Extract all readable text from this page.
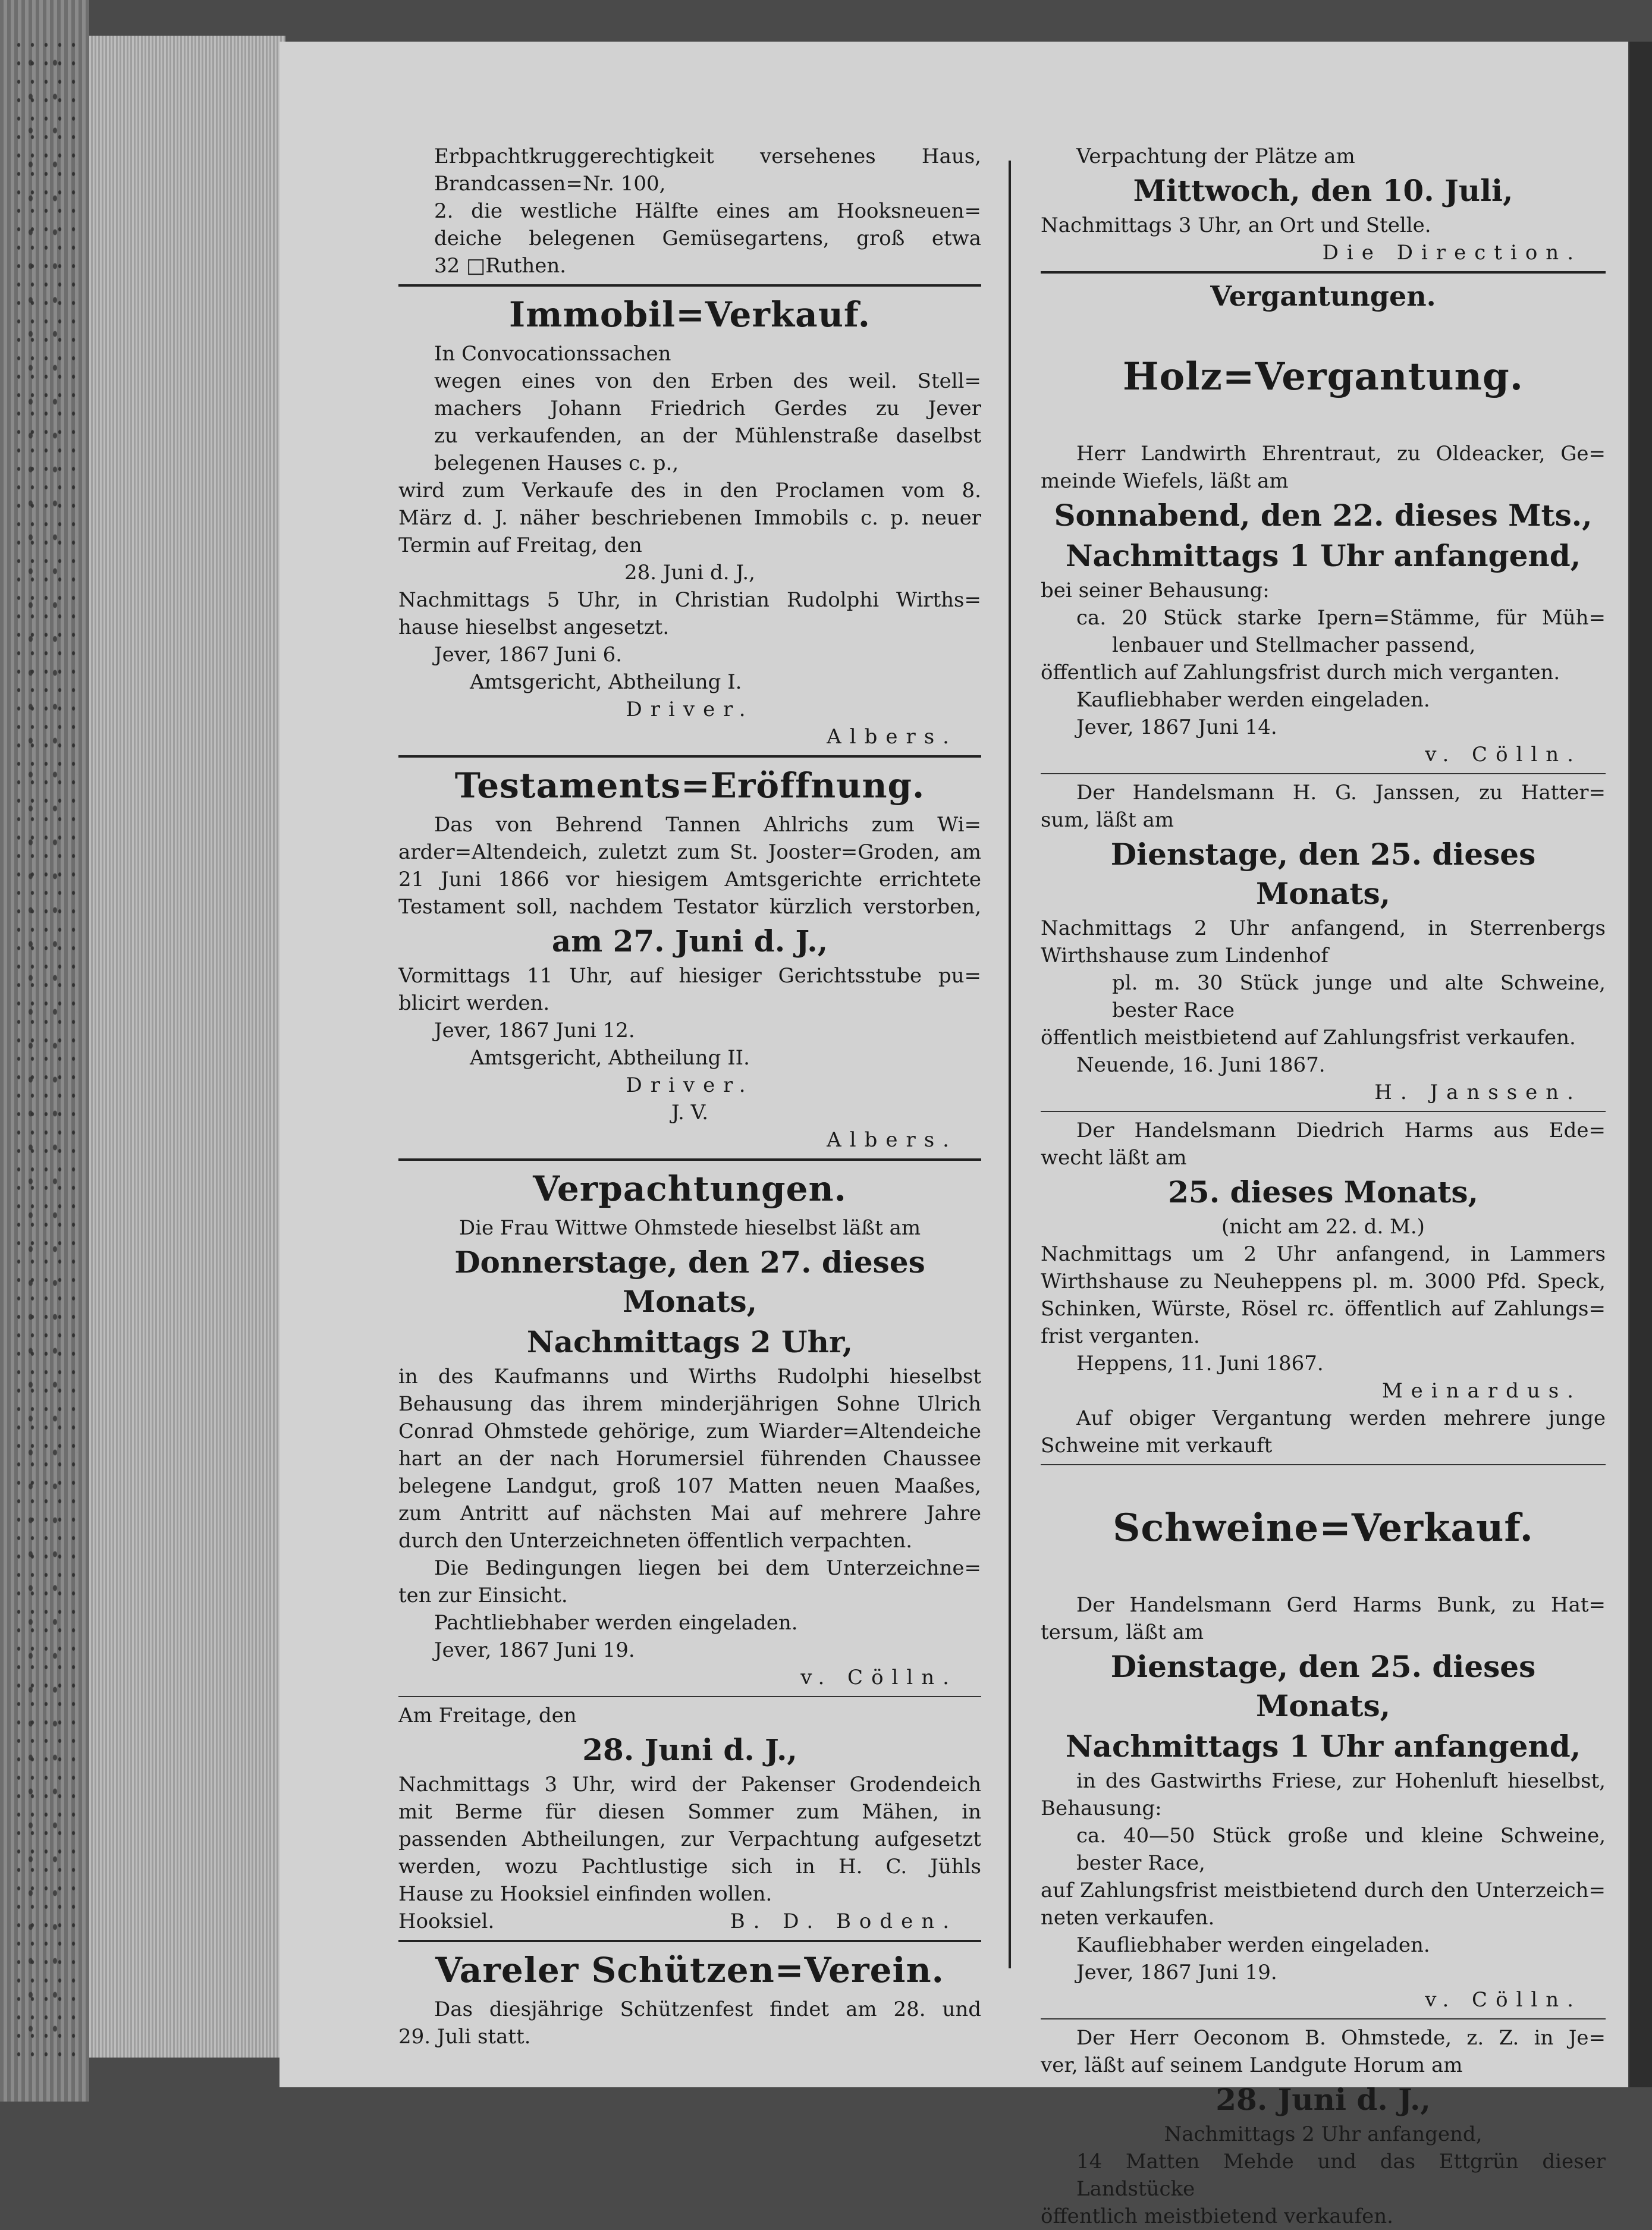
Erbpachtkruggerechtigkeit versehenes Haus,

Brandcassen=Nr. 100,

2. die westliche Hälfte eines am Hooksneuen=

deiche belegenen Gemüsegartens, groß etwa

32 □Ruthen.

Immobil=Verkauf.

In Convocationssachen

wegen eines von den Erben des weil. Stell=

machers Johann Friedrich Gerdes zu Jever

zu verkaufenden, an der Mühlenstraße daselbst

belegenen Hauses c. p.,

wird zum Verkaufe des in den Proclamen vom 8.

März d. J. näher beschriebenen Immobils c. p. neuer

Termin auf Freitag, den

28. Juni d. J.,

Nachmittags 5 Uhr, in Christian Rudolphi Wirths=

hause hieselbst angesetzt.

Jever, 1867 Juni 6.

Amtsgericht, Abtheilung I.

Driver.

Albers.

Testaments=Eröffnung.

Das von Behrend Tannen Ahlrichs zum Wi=

arder=Altendeich, zuletzt zum St. Jooster=Groden, am

21 Juni 1866 vor hiesigem Amtsgerichte errichtete

Testament soll, nachdem Testator kürzlich verstorben,

am 27. Juni d. J.,

Vormittags 11 Uhr, auf hiesiger Gerichtsstube pu=

blicirt werden.

Jever, 1867 Juni 12.

Amtsgericht, Abtheilung II.

Driver.

J. V.

Albers.

Verpachtungen.

Die Frau Wittwe Ohmstede hieselbst läßt am

Donnerstage, den 27. dieses Monats,

Nachmittags 2 Uhr,

in des Kaufmanns und Wirths Rudolphi hieselbst

Behausung das ihrem minderjährigen Sohne Ulrich

Conrad Ohmstede gehörige, zum Wiarder=Altendeiche

hart an der nach Horumersiel führenden Chaussee

belegene Landgut, groß 107 Matten neuen Maaßes,

zum Antritt auf nächsten Mai auf mehrere Jahre

durch den Unterzeichneten öffentlich verpachten.

Die Bedingungen liegen bei dem Unterzeichne=

ten zur Einsicht.

Pachtliebhaber werden eingeladen.

Jever, 1867 Juni 19.

v. Cölln.

Am Freitage, den

28. Juni d. J.,

Nachmittags 3 Uhr, wird der Pakenser Grodendeich

mit Berme für diesen Sommer zum Mähen, in

passenden Abtheilungen, zur Verpachtung aufgesetzt

werden, wozu Pachtlustige sich in H. C. Jühls

Hause zu Hooksiel einfinden wollen.

Hooksiel.	B. D. Boden.

Vareler Schützen=Verein.

Das diesjährige Schützenfest findet am 28. und

29. Juli statt.

Verpachtung der Plätze am

Mittwoch, den 10. Juli,

Nachmittags 3 Uhr, an Ort und Stelle.

Die Direction.

Vergantungen.

Holz=Vergantung.

Herr Landwirth Ehrentraut, zu Oldeacker, Ge=

meinde Wiefels, läßt am

Sonnabend, den 22. dieses Mts.,

Nachmittags 1 Uhr anfangend,

bei seiner Behausung:

ca. 20 Stück starke Ipern=Stämme, für Müh=

lenbauer und Stellmacher passend,

öffentlich auf Zahlungsfrist durch mich verganten.

Kaufliebhaber werden eingeladen.

Jever, 1867 Juni 14.

v. Cölln.

Der Handelsmann H. G. Janssen, zu Hatter=

sum, läßt am

Dienstage, den 25. dieses Monats,

Nachmittags 2 Uhr anfangend, in Sterrenbergs

Wirthshause zum Lindenhof

pl. m. 30 Stück junge und alte Schweine,

bester Race

öffentlich meistbietend auf Zahlungsfrist verkaufen.

Neuende, 16. Juni 1867.

H. Janssen.

Der Handelsmann Diedrich Harms aus Ede=

wecht läßt am

25. dieses Monats,

(nicht am 22. d. M.)

Nachmittags um 2 Uhr anfangend, in Lammers

Wirthshause zu Neuheppens pl. m. 3000 Pfd. Speck,

Schinken, Würste, Rösel rc. öffentlich auf Zahlungs=

frist verganten.

Heppens, 11. Juni 1867.

Meinardus.

Auf obiger Vergantung werden mehrere junge

Schweine mit verkauft

Schweine=Verkauf.

Der Handelsmann Gerd Harms Bunk, zu Hat=

tersum, läßt am

Dienstage, den 25. dieses Monats,

Nachmittags 1 Uhr anfangend,

in des Gastwirths Friese, zur Hohenluft hieselbst,

Behausung:

ca. 40—50 Stück große und kleine Schweine,

bester Race,

auf Zahlungsfrist meistbietend durch den Unterzeich=

neten verkaufen.

Kaufliebhaber werden eingeladen.

Jever, 1867 Juni 19.

v. Cölln.

Der Herr Oeconom B. Ohmstede, z. Z. in Je=

ver, läßt auf seinem Landgute Horum am

28. Juni d. J.,

Nachmittags 2 Uhr anfangend,

14 Matten Mehde und das Ettgrün dieser

Landstücke

öffentlich meistbietend verkaufen.
